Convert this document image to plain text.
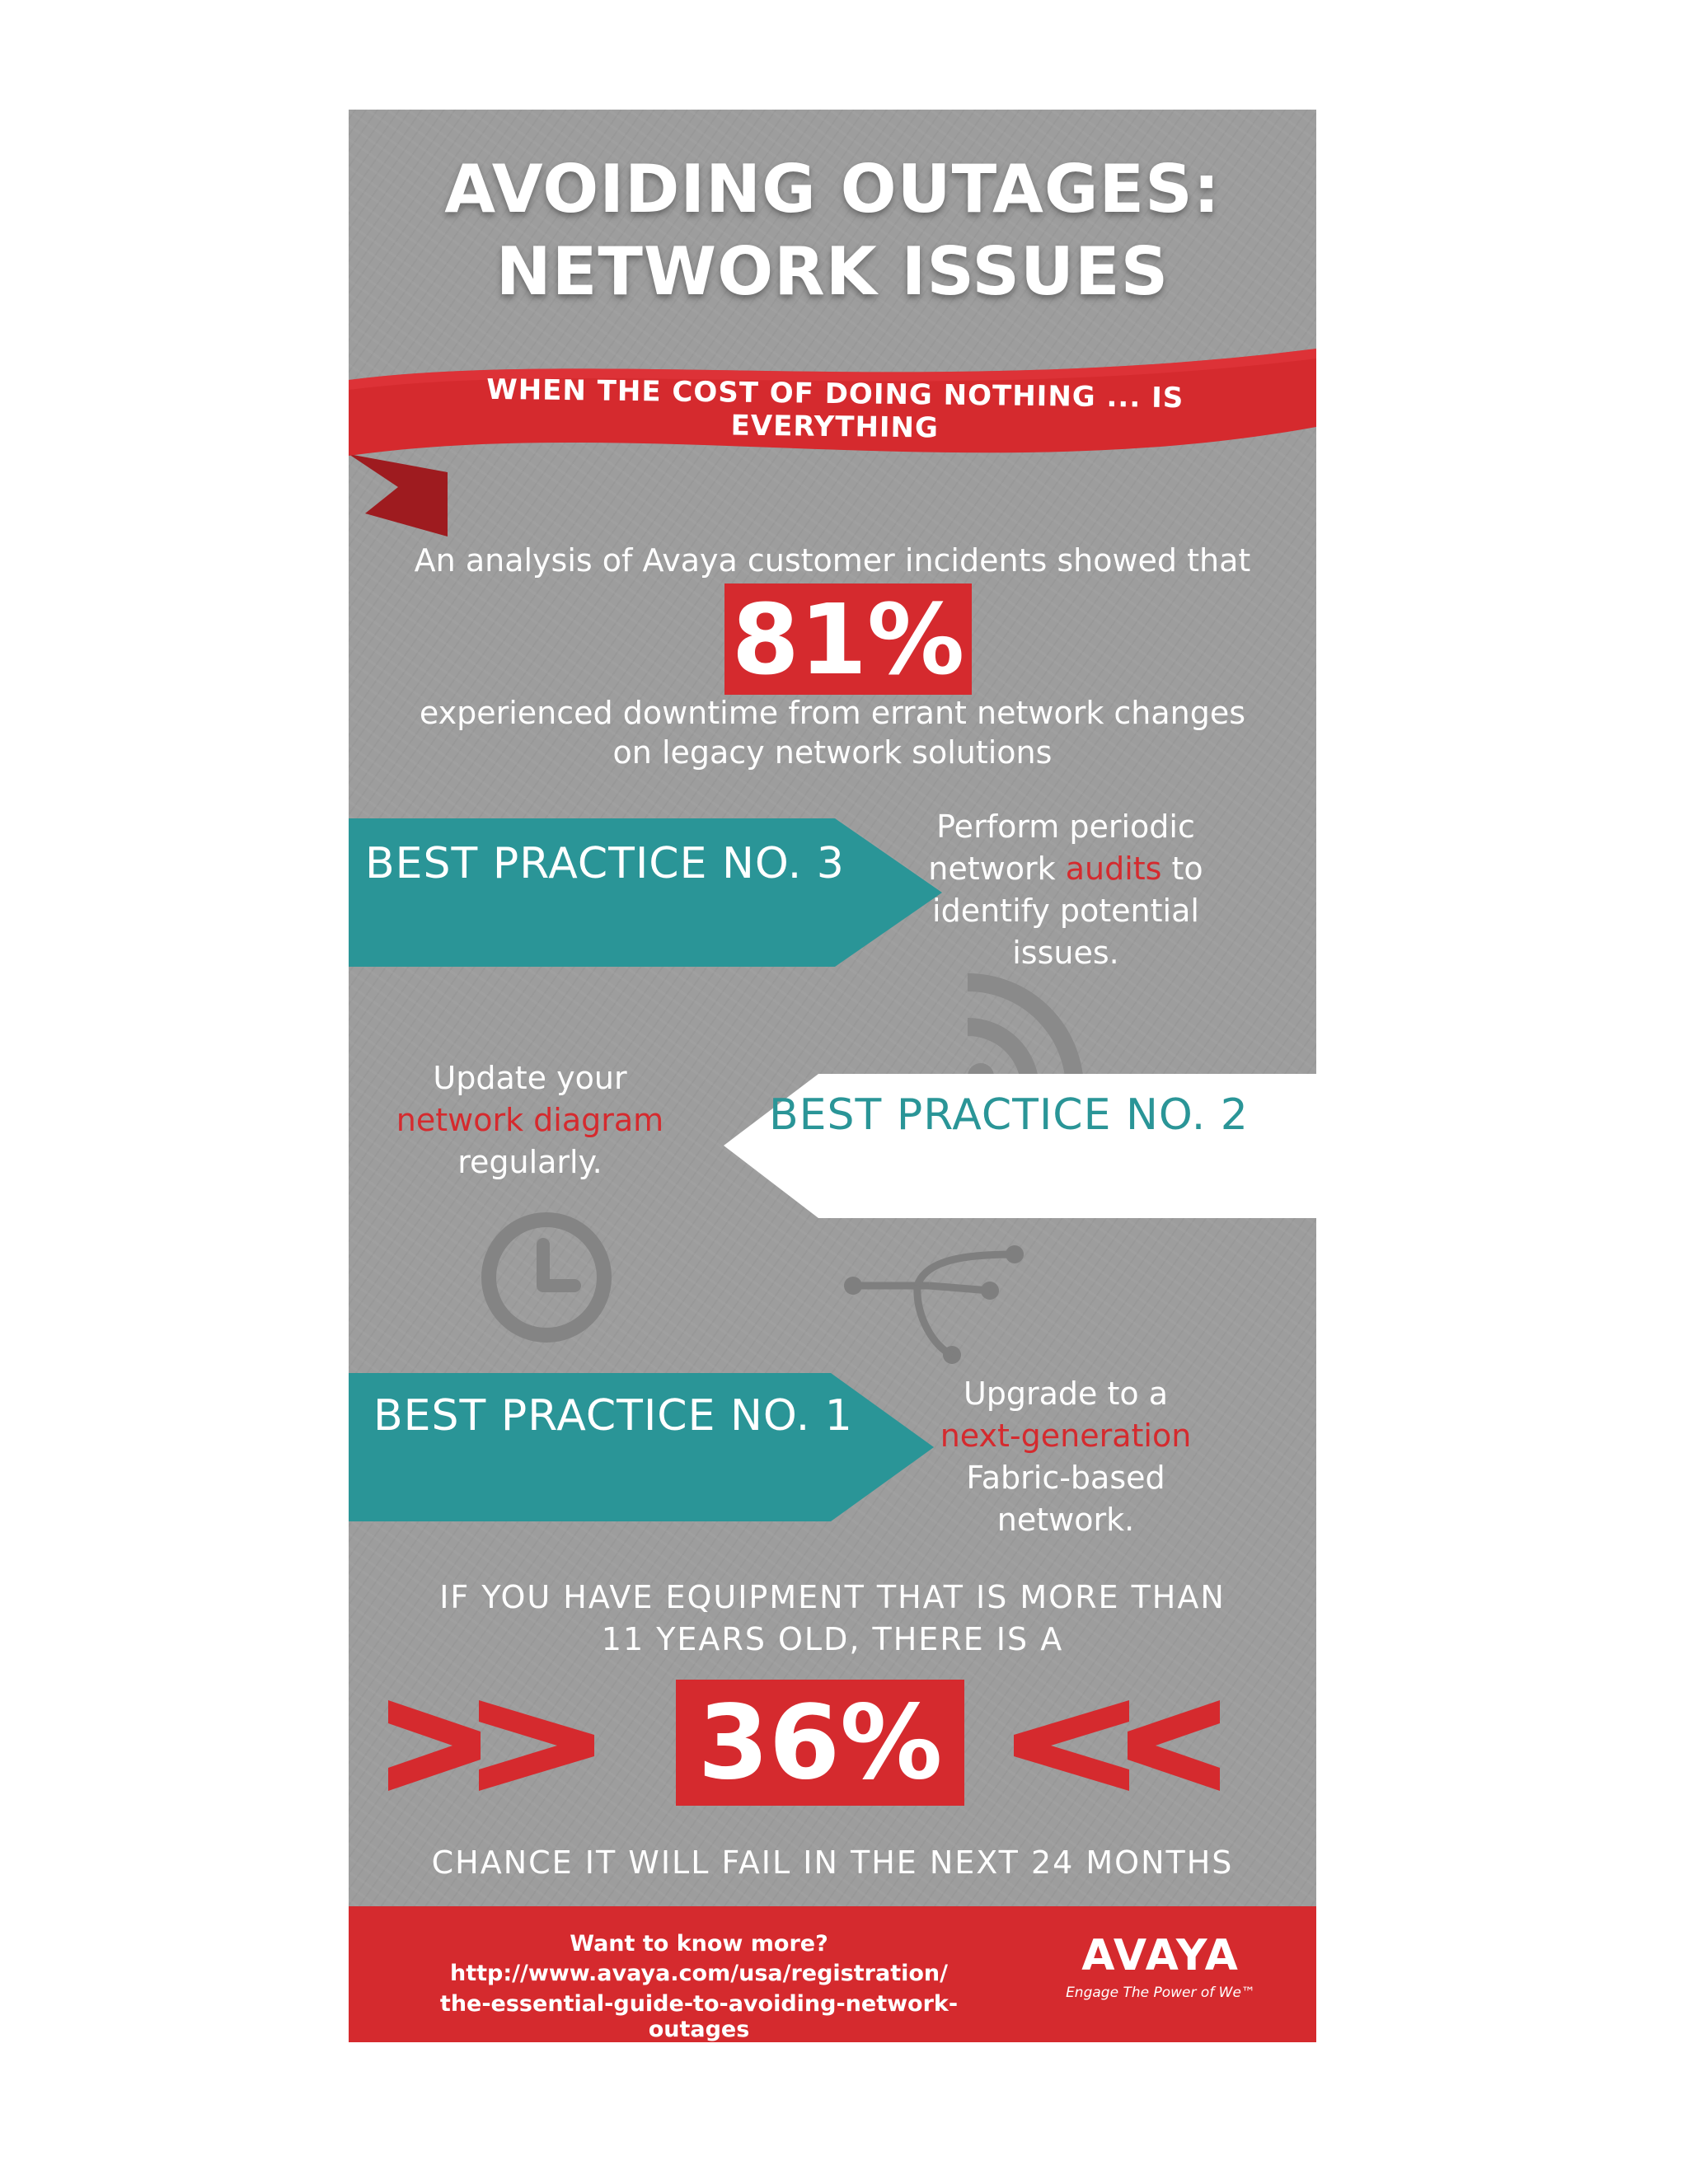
AVOIDING OUTAGES:
NETWORK ISSUES
WHEN THE COST OF DOING NOTHING ... IS EVERYTHING
An analysis of Avaya customer incidents showed that
81%
experienced downtime from errant network changes
on legacy network solutions
BEST PRACTICE NO. 3
Perform periodic
network audits to
identify potential
issues.
BEST PRACTICE NO. 2
Update your
network diagram
regularly.
BEST PRACTICE NO. 1	Upgrade to a
next-generation
Fabric-based
network.
IF YOU HAVE EQUIPMENT THAT IS MORE THAN
11 YEARS OLD, THERE IS A
36%
CHANCE IT WILL FAIL IN THE NEXT 24 MONTHS
Want to know more?
http://www.avaya.com/usa/registration/
the-essential-guide-to-avoiding-network-outages
AVAYA
Engage The Power of We™
